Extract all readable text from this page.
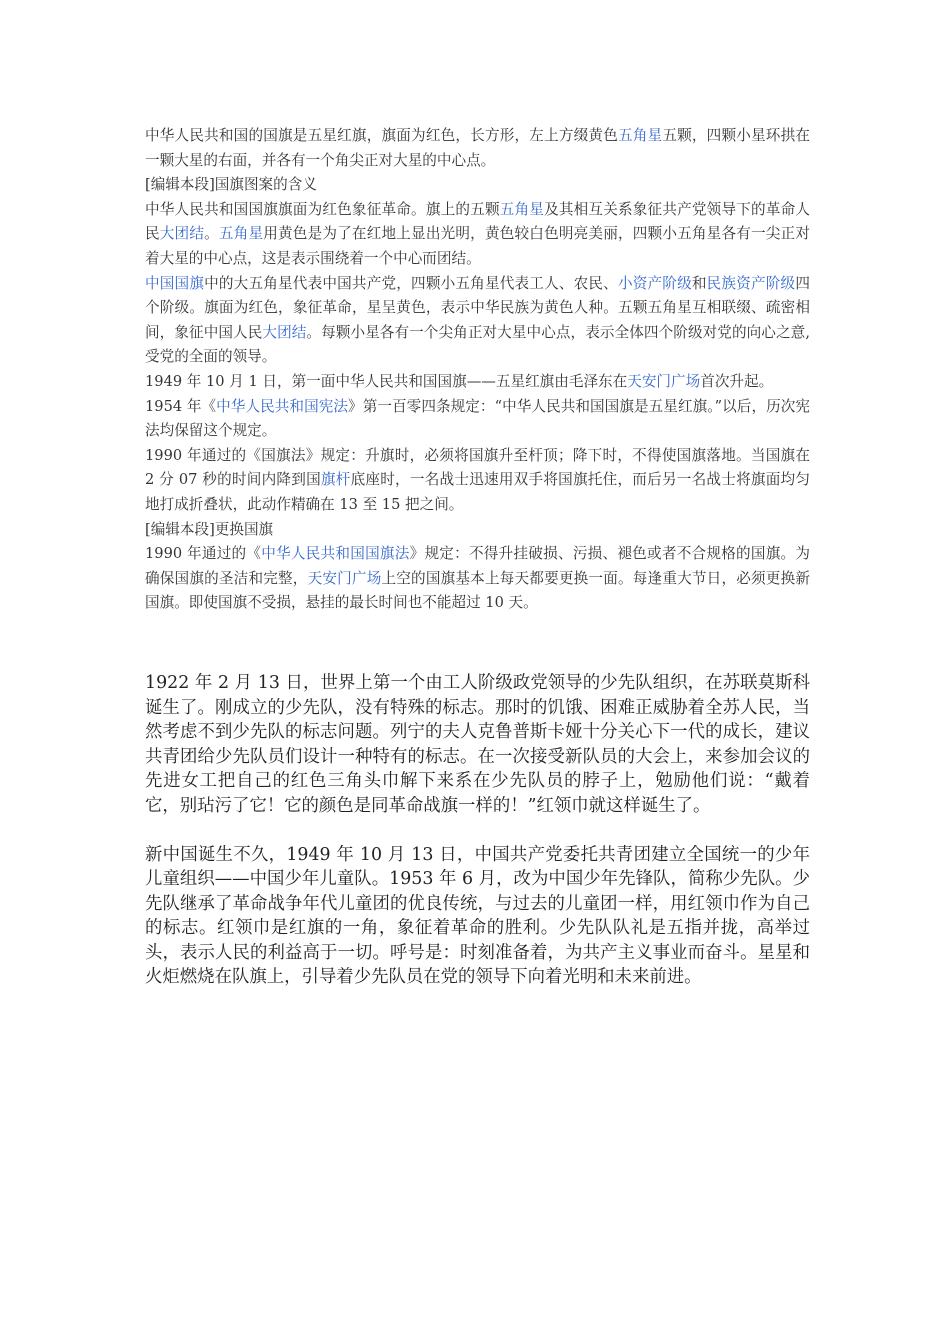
中华人民共和国的国旗是五星红旗，旗面为红色，长方形，左上方缀黄色五角星五颗，四颗小星环拱在一颗大星的右面，并各有一个角尖正对大星的中心点。

[编辑本段]国旗图案的含义

中华人民共和国国旗旗面为红色象征革命。旗上的五颗五角星及其相互关系象征共产党领导下的革命人民大团结。五角星用黄色是为了在红地上显出光明，黄色较白色明亮美丽，四颗小五角星各有一尖正对着大星的中心点，这是表示围绕着一个中心而团结。

中国国旗中的大五角星代表中国共产党，四颗小五角星代表工人、农民、小资产阶级和民族资产阶级四个阶级。旗面为红色，象征革命，星呈黄色，表示中华民族为黄色人种。五颗五角星互相联缀、疏密相间，象征中国人民大团结。每颗小星各有一个尖角正对大星中心点，表示全体四个阶级对党的向心之意,受党的全面的领导。

1949 年 10 月 1 日，第一面中华人民共和国国旗——五星红旗由毛泽东在天安门广场首次升起。

1954 年《中华人民共和国宪法》第一百零四条规定：“中华人民共和国国旗是五星红旗。”以后，历次宪法均保留这个规定。

1990 年通过的《国旗法》规定：升旗时，必须将国旗升至杆顶；降下时，不得使国旗落地。当国旗在 2 分 07 秒的时间内降到国旗杆底座时，一名战士迅速用双手将国旗托住，而后另一名战士将旗面均匀地打成折叠状，此动作精确在 13 至 15 把之间。

[编辑本段]更换国旗

1990 年通过的《中华人民共和国国旗法》规定：不得升挂破损、污损、褪色或者不合规格的国旗。为确保国旗的圣洁和完整，天安门广场上空的国旗基本上每天都要更换一面。每逢重大节日，必须更换新国旗。即使国旗不受损，悬挂的最长时间也不能超过 10 天。

1922 年 2 月 13 日，世界上第一个由工人阶级政党领导的少先队组织，在苏联莫斯科诞生了。刚成立的少先队，没有特殊的标志。那时的饥饿、困难正威胁着全苏人民，当然考虑不到少先队的标志问题。列宁的夫人克鲁普斯卡娅十分关心下一代的成长，建议共青团给少先队员们设计一种特有的标志。在一次接受新队员的大会上，来参加会议的先进女工把自己的红色三角头巾解下来系在少先队员的脖子上，勉励他们说：“戴着它，别玷污了它！它的颜色是同革命战旗一样的！”红领巾就这样诞生了。

新中国诞生不久，1949 年 10 月 13 日，中国共产党委托共青团建立全国统一的少年儿童组织——中国少年儿童队。1953 年 6 月，改为中国少年先锋队，简称少先队。少先队继承了革命战争年代儿童团的优良传统，与过去的儿童团一样，用红领巾作为自己的标志。红领巾是红旗的一角，象征着革命的胜利。少先队队礼是五指并拢，高举过头，表示人民的利益高于一切。呼号是：时刻准备着，为共产主义事业而奋斗。星星和火炬燃烧在队旗上，引导着少先队员在党的领导下向着光明和未来前进。
